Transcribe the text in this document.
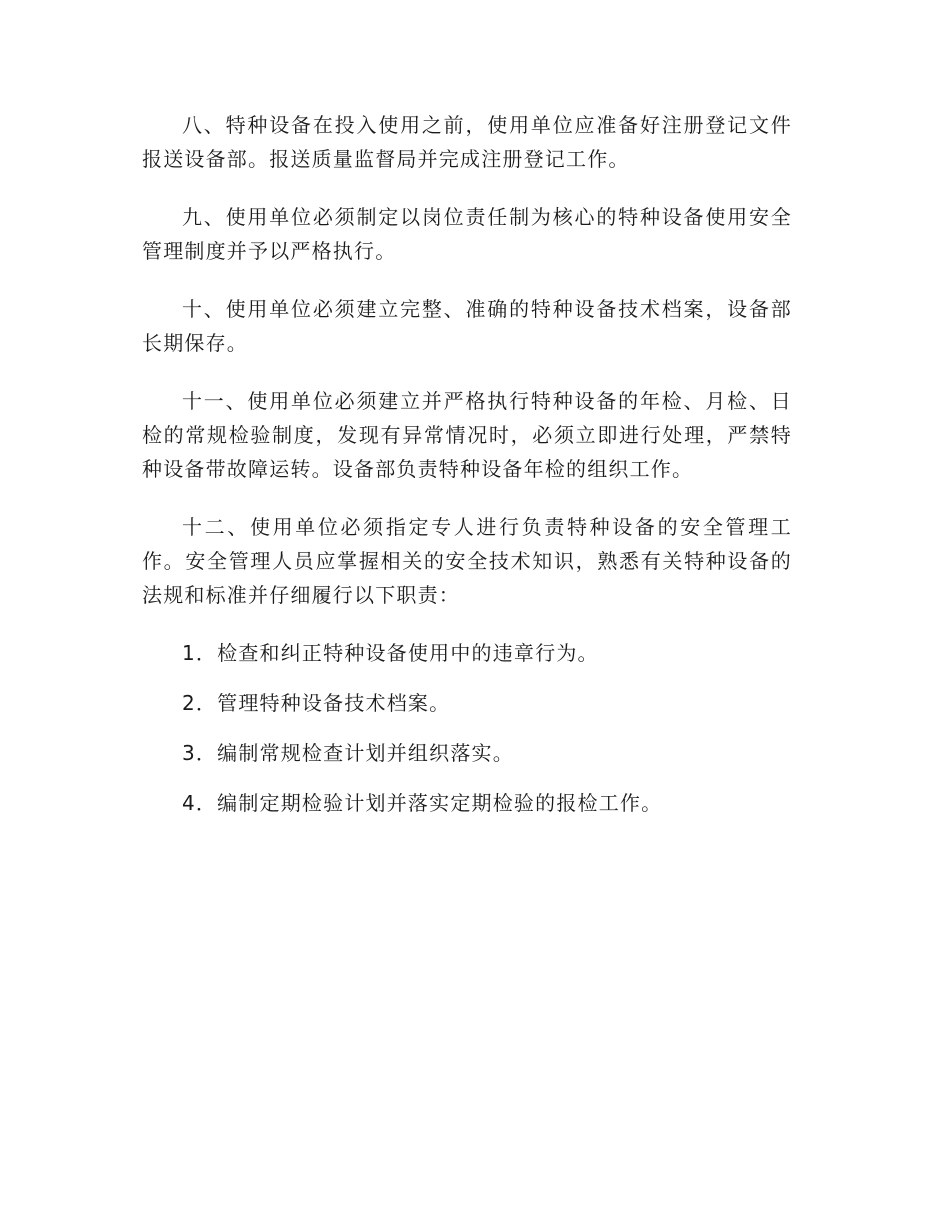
八、特种设备在投入使用之前，使用单位应准备好注册登记文件报送设备部。报送质量监督局并完成注册登记工作。

九、使用单位必须制定以岗位责任制为核心的特种设备使用安全管理制度并予以严格执行。

十、使用单位必须建立完整、准确的特种设备技术档案，设备部长期保存。

十一、使用单位必须建立并严格执行特种设备的年检、月检、日检的常规检验制度，发现有异常情况时，必须立即进行处理，严禁特种设备带故障运转。设备部负责特种设备年检的组织工作。

十二、使用单位必须指定专人进行负责特种设备的安全管理工作。安全管理人员应掌握相关的安全技术知识，熟悉有关特种设备的法规和标准并仔细履行以下职责：

1．检查和纠正特种设备使用中的违章行为。

2．管理特种设备技术档案。

3．编制常规检查计划并组织落实。

4．编制定期检验计划并落实定期检验的报检工作。
